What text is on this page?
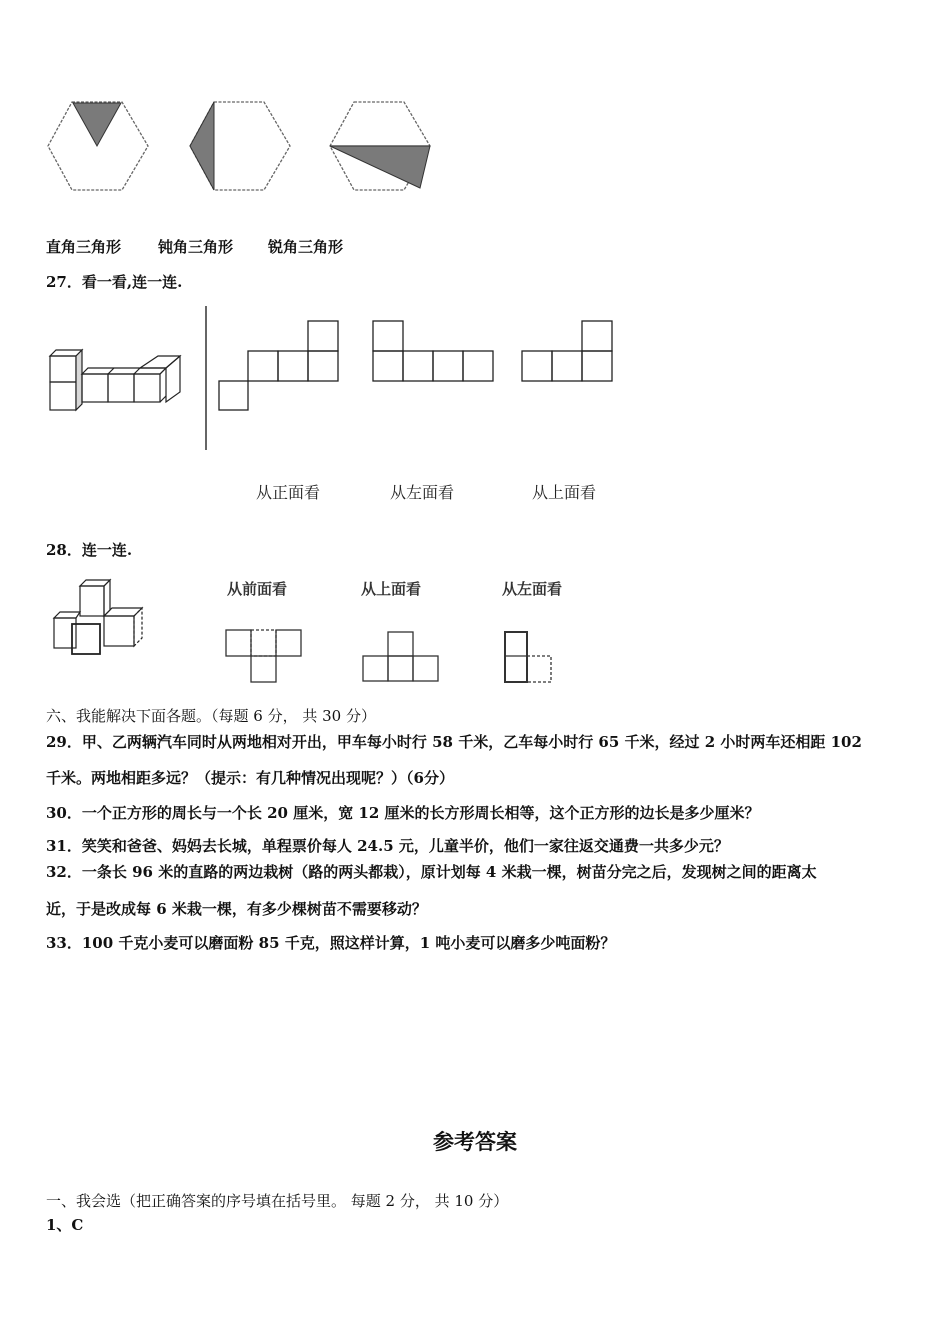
直角三角形 钝角三角形 锐角三角形
27．看一看,连一连.
从正面看	从左面看	从上面看
28．连一连.
从前面看	从上面看	从左面看
六、我能解决下面各题。（每题 6 分， 共 30 分）
29．甲、乙两辆汽车同时从两地相对开出，甲车每小时行 58 千米，乙车每小时行 65 千米，经过 2 小时两车还相距 102
千米。两地相距多远？（提示：有几种情况出现呢？）（6分）
30．一个正方形的周长与一个长 20 厘米，宽 12 厘米的长方形周长相等，这个正方形的边长是多少厘米？
31．笑笑和爸爸、妈妈去长城，单程票价每人 24.5 元，儿童半价，他们一家往返交通费一共多少元？
32．一条长 96 米的直路的两边栽树（路的两头都栽），原计划每 4 米栽一棵，树苗分完之后，发现树之间的距离太
近，于是改成每 6 米栽一棵，有多少棵树苗不需要移动？
33．100 千克小麦可以磨面粉 85 千克，照这样计算，1 吨小麦可以磨多少吨面粉？
参考答案
一、我会选（把正确答案的序号填在括号里。 每题 2 分， 共 10 分）
1、C
